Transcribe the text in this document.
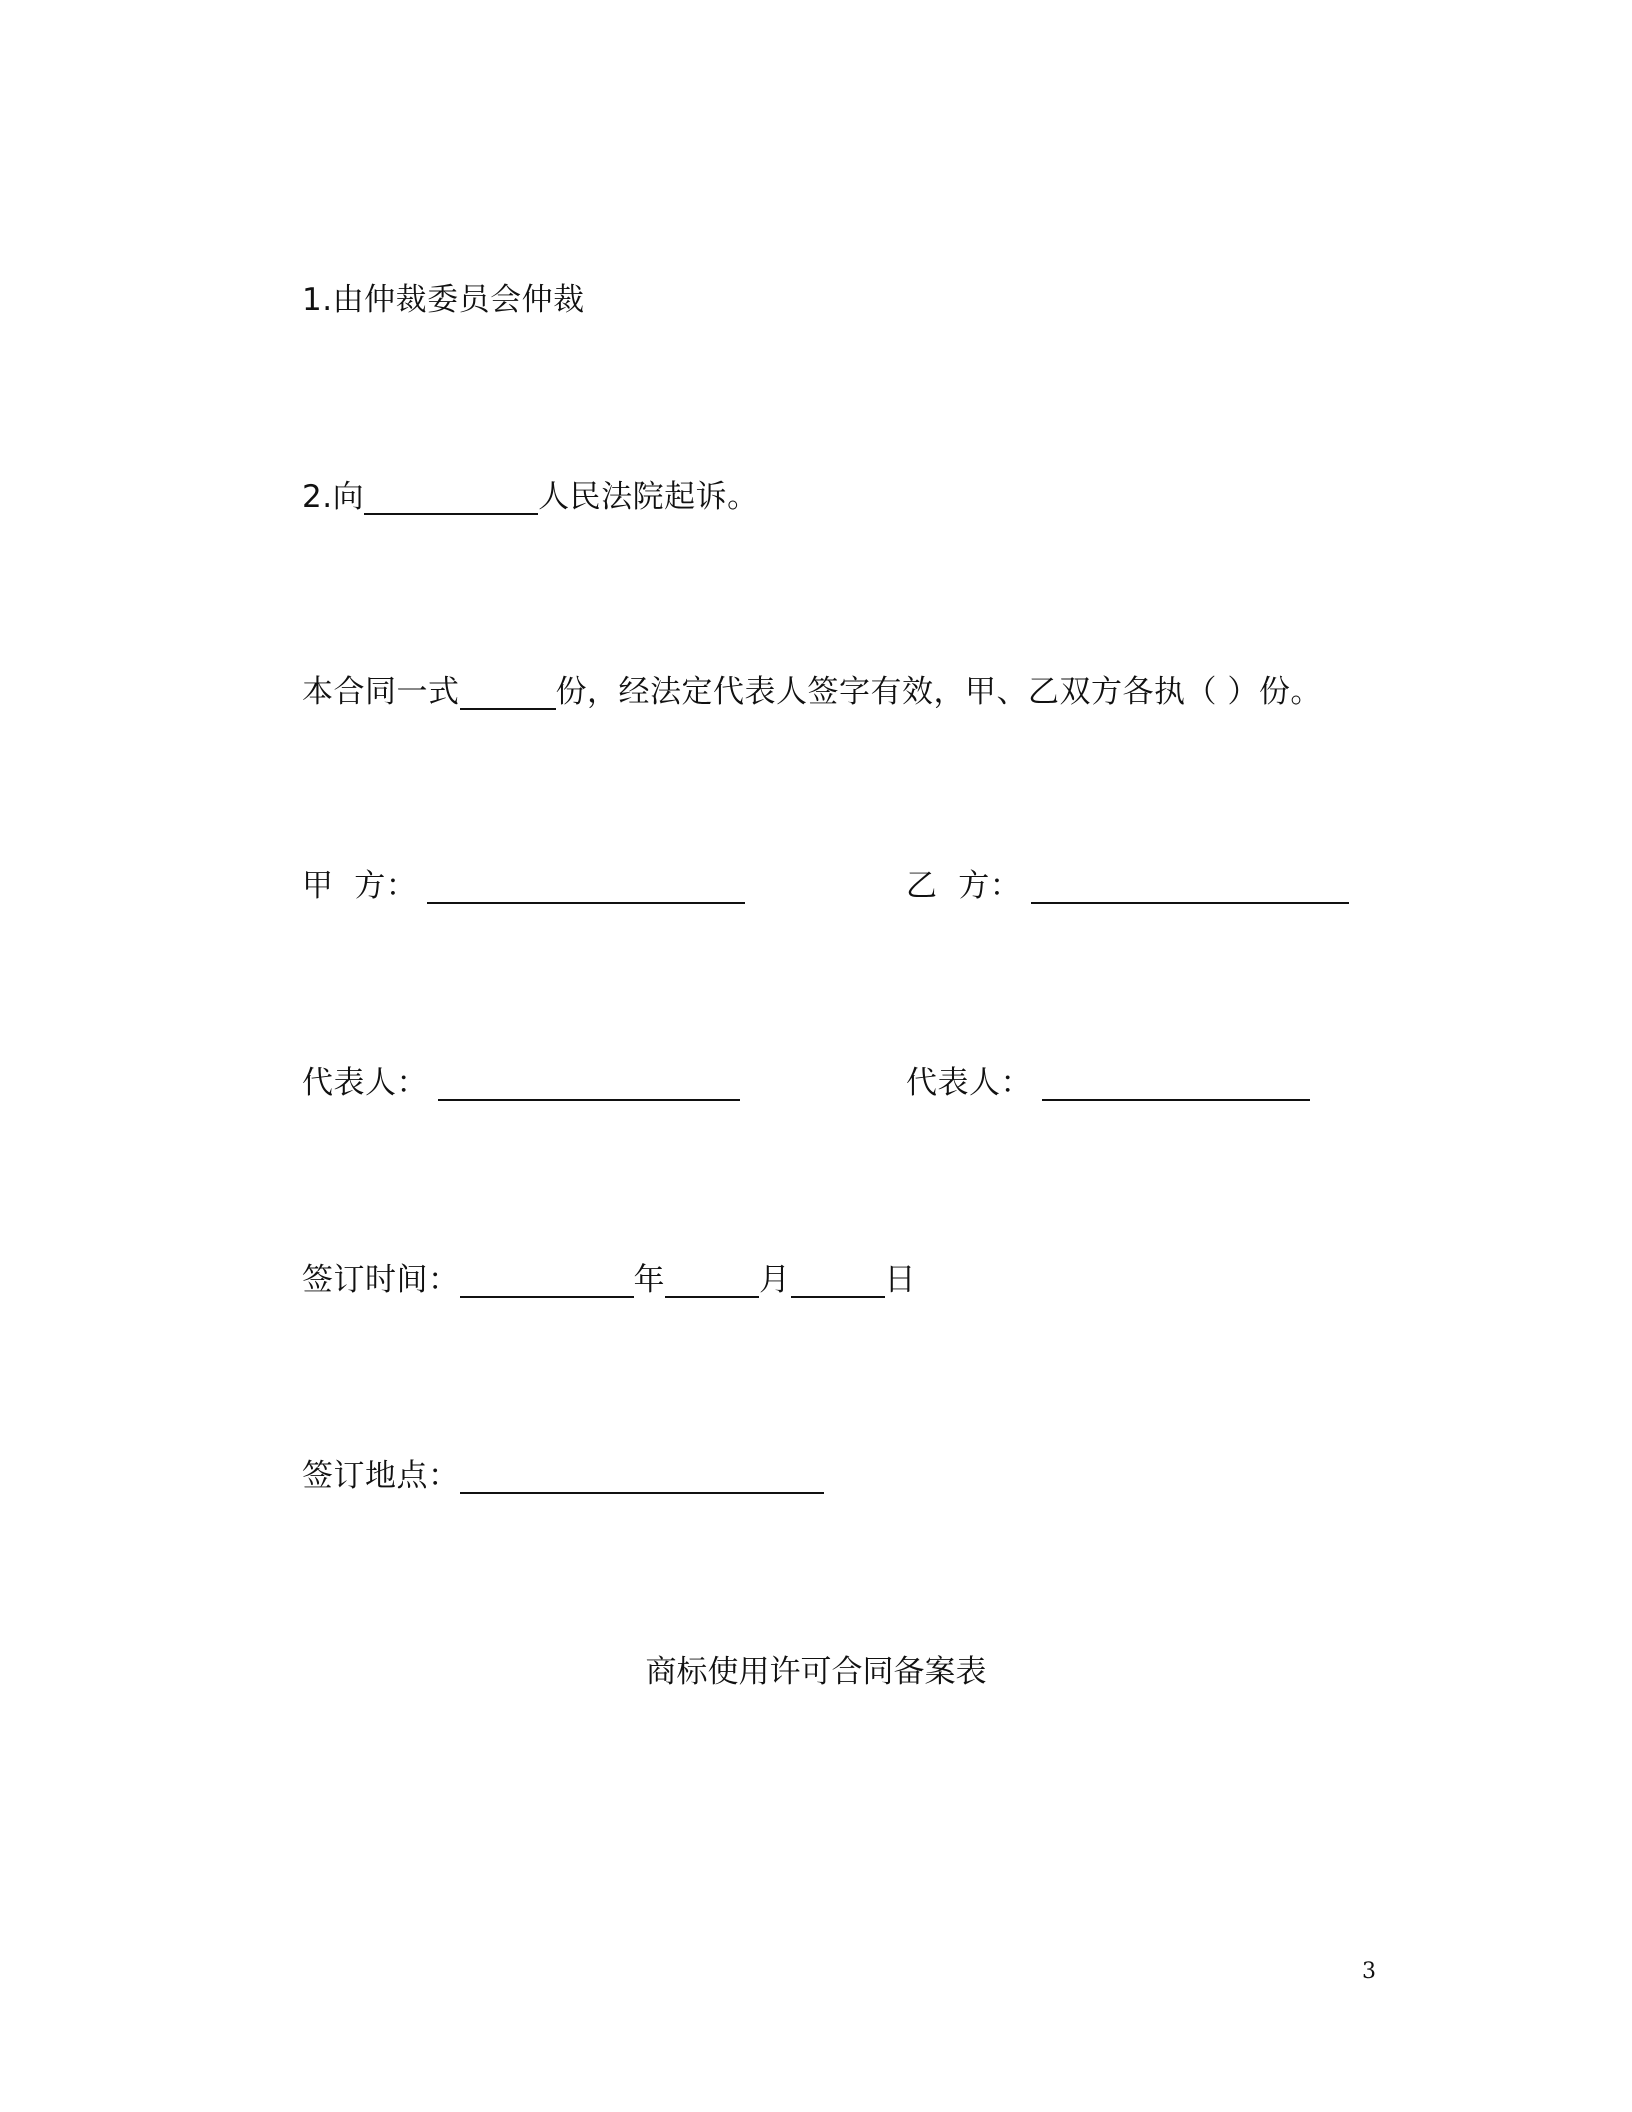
1.由仲裁委员会仲裁
2.向	人民法院起诉。
本合同一式	份，经法定代表人签字有效，甲、乙双方各执（ ）份。
甲  方：	乙  方：
代表人：	代表人：
签订时间：	年	月	日
签订地点：
商标使用许可合同备案表
3
